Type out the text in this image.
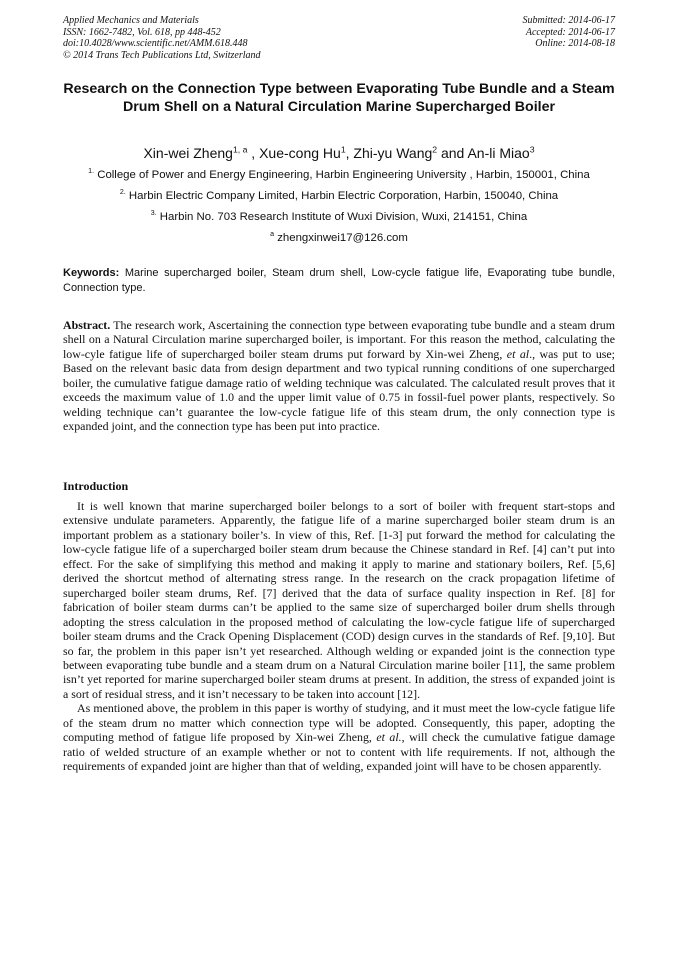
Applied Mechanics and Materials
ISSN: 1662-7482, Vol. 618, pp 448-452
doi:10.4028/www.scientific.net/AMM.618.448
© 2014 Trans Tech Publications Ltd, Switzerland
Submitted: 2014-06-17
Accepted: 2014-06-17
Online: 2014-08-18
Research on the Connection Type between Evaporating Tube Bundle and a Steam Drum Shell on a Natural Circulation Marine Supercharged Boiler
Xin-wei Zheng$^{1, a}$ , Xue-cong Hu$^1$, Zhi-yu Wang$^2$ and An-li Miao$^3$
$^{1.}$ College of Power and Energy Engineering, Harbin Engineering University , Harbin, 150001, China
$^{2.}$ Harbin Electric Company Limited, Harbin Electric Corporation, Harbin, 150040, China
$^{3.}$ Harbin No. 703 Research Institute of Wuxi Division, Wuxi, 214151, China
$^a$ zhengxinwei17@126.com
Keywords: Marine supercharged boiler, Steam drum shell, Low-cycle fatigue life, Evaporating tube bundle, Connection type.
Abstract. The research work, Ascertaining the connection type between evaporating tube bundle and a steam drum shell on a Natural Circulation marine supercharged boiler, is important. For this reason the method, calculating the low-cyle fatigue life of supercharged boiler steam drums put forward by Xin-wei Zheng, et al., was put to use; Based on the relevant basic data from design department and two typical running conditions of one supercharged boiler, the cumulative fatigue damage ratio of welding technique was calculated. The calculated result proves that it exceeds the maximum value of 1.0 and the upper limit value of 0.75 in fossil-fuel power plants, respectively. So welding technique can’t guarantee the low-cycle fatigue life of this steam drum, the only connection type is expanded joint, and the connection type has been put into practice.
Introduction

It is well known that marine supercharged boiler belongs to a sort of boiler with frequent start-stops and extensive undulate parameters. Apparently, the fatigue life of a marine supercharged boiler steam drum is an important problem as a stationary boiler’s. In view of this, Ref. [1-3] put forward the method for calculating the low-cycle fatigue life of a supercharged boiler steam drum because the Chinese standard in Ref. [4] can’t put into effect. For the sake of simplifying this method and making it apply to marine and stationary boilers, Ref. [5,6] derived the shortcut method of alternating stress range. In the research on the crack propagation lifetime of supercharged boiler steam drums, Ref. [7] derived that the data of surface quality inspection in Ref. [8] for fabrication of boiler steam durms can’t be applied to the same size of supercharged boiler drum shells through adopting the stress calculation in the proposed method of calculating the low-cycle fatigue life of supercharged boiler steam drums and the Crack Opening Displacement (COD) design curves in the standards of Ref. [9,10]. But so far, the problem in this paper isn’t yet researched. Although welding or expanded joint is the connection type between evaporating tube bundle and a steam drum on a Natural Circulation marine boiler [11], the same problem isn’t yet reported for marine supercharged boiler steam drums at present. In addition, the stress of expanded joint is a sort of residual stress, and it isn’t necessary to be taken into account [12].

As mentioned above, the problem in this paper is worthy of studying, and it must meet the low-cycle fatigue life of the steam drum no matter which connection type will be adopted. Consequently, this paper, adopting the computing method of fatigue life proposed by Xin-wei Zheng, et al., will check the cumulative fatigue damage ratio of welded structure of an example whether or not to content with life requirements. If not, although the requirements of expanded joint are higher than that of welding, expanded joint will have to be chosen apparently.
